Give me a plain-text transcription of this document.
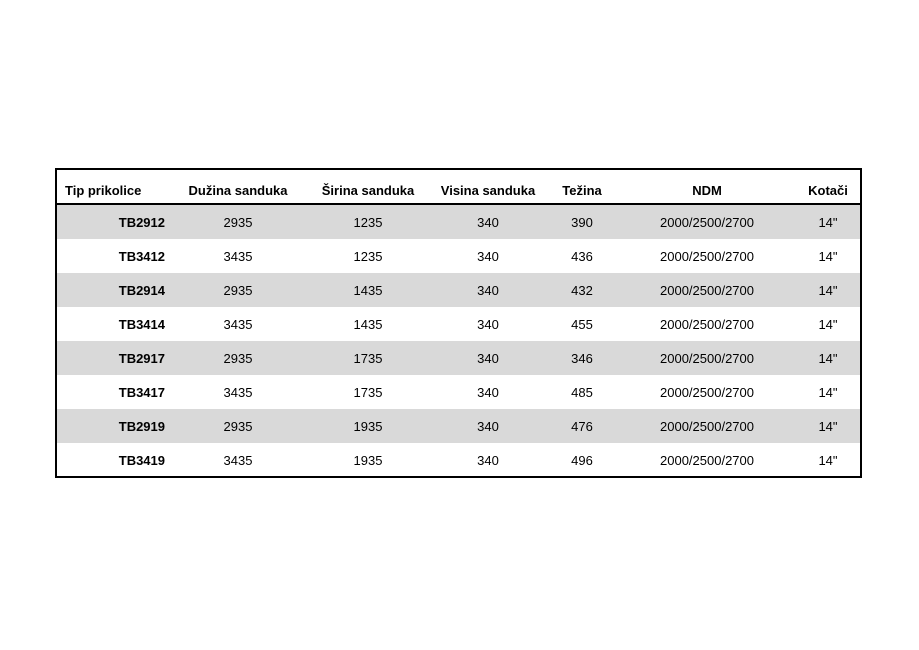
Tip prikolice	Dužina sanduka	Širina sanduka	Visina sanduka	Težina	NDM	Kotači
TB2912	2935	1235	340	390	2000/2500/2700	14"
TB3412	3435	1235	340	436	2000/2500/2700	14"
TB2914	2935	1435	340	432	2000/2500/2700	14"
TB3414	3435	1435	340	455	2000/2500/2700	14"
TB2917	2935	1735	340	346	2000/2500/2700	14"
TB3417	3435	1735	340	485	2000/2500/2700	14"
TB2919	2935	1935	340	476	2000/2500/2700	14"
TB3419	3435	1935	340	496	2000/2500/2700	14"
